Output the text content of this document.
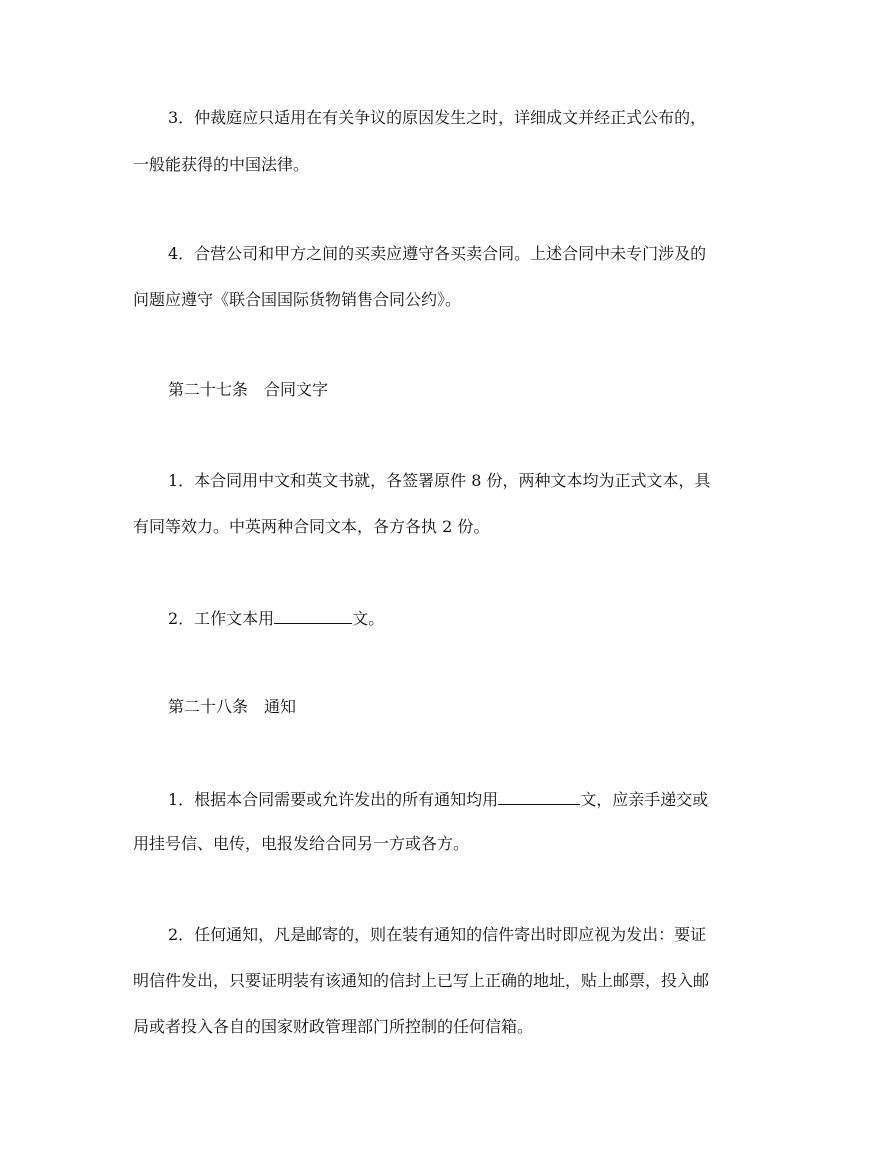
3．仲裁庭应只适用在有关争议的原因发生之时，详细成文并经正式公布的，
一般能获得的中国法律。
4．合营公司和甲方之间的买卖应遵守各买卖合同。上述合同中未专门涉及的
问题应遵守《联合国国际货物销售合同公约》。
第二十七条　合同文字
1．本合同用中文和英文书就，各签署原件 8 份，两种文本均为正式文本，具
有同等效力。中英两种合同文本，各方各执 2 份。
2．工作文本用	文。
第二十八条　通知
1．根据本合同需要或允许发出的所有通知均用	文，应亲手递交或
用挂号信、电传，电报发给合同另一方或各方。
2．任何通知，凡是邮寄的，则在装有通知的信件寄出时即应视为发出：要证
明信件发出，只要证明装有该通知的信封上已写上正确的地址，贴上邮票，投入邮
局或者投入各自的国家财政管理部门所控制的任何信箱。
